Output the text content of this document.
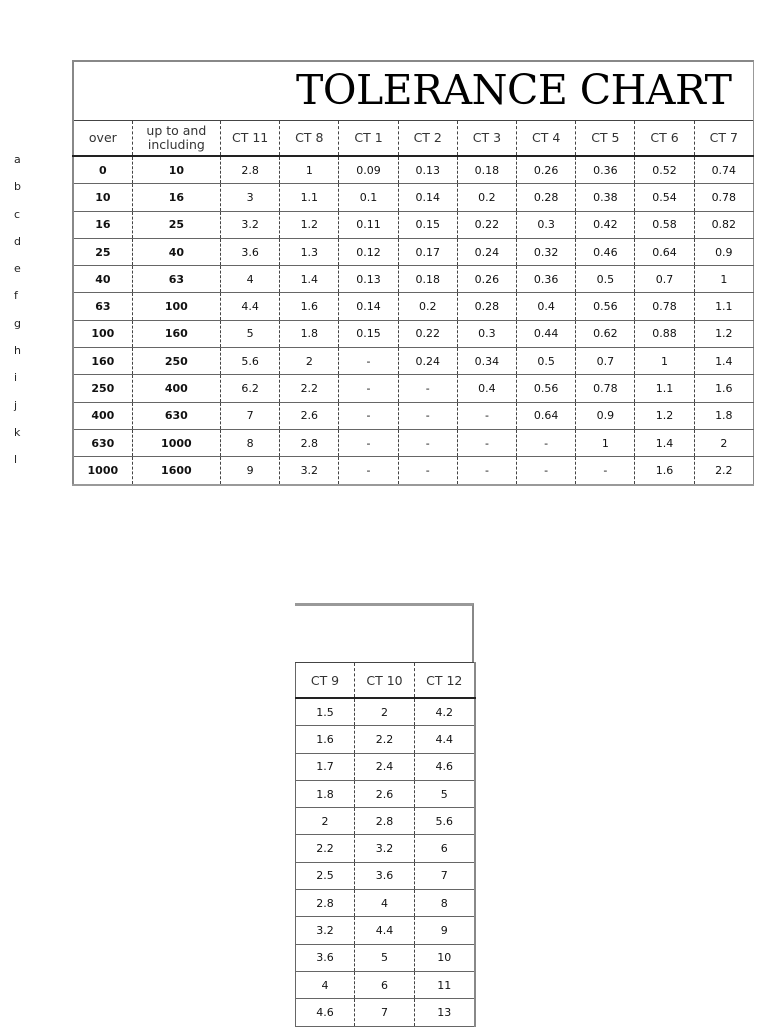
a
b
c
d
e
f
g
h
i
j
k
l
TOLERANCE CHART
over	up to and including	CT 11	CT 8	CT 1	CT 2	CT 3	CT 4	CT 5	CT 6	CT 7
0	10	2.8	1	0.09	0.13	0.18	0.26	0.36	0.52	0.74
10	16	3	1.1	0.1	0.14	0.2	0.28	0.38	0.54	0.78
16	25	3.2	1.2	0.11	0.15	0.22	0.3	0.42	0.58	0.82
25	40	3.6	1.3	0.12	0.17	0.24	0.32	0.46	0.64	0.9
40	63	4	1.4	0.13	0.18	0.26	0.36	0.5	0.7	1
63	100	4.4	1.6	0.14	0.2	0.28	0.4	0.56	0.78	1.1
100	160	5	1.8	0.15	0.22	0.3	0.44	0.62	0.88	1.2
160	250	5.6	2	-	0.24	0.34	0.5	0.7	1	1.4
250	400	6.2	2.2	-	-	0.4	0.56	0.78	1.1	1.6
400	630	7	2.6	-	-	-	0.64	0.9	1.2	1.8
630	1000	8	2.8	-	-	-	-	1	1.4	2
1000	1600	9	3.2	-	-	-	-	-	1.6	2.2
CT 9	CT 10	CT 12
1.5	2	4.2
1.6	2.2	4.4
1.7	2.4	4.6
1.8	2.6	5
2	2.8	5.6
2.2	3.2	6
2.5	3.6	7
2.8	4	8
3.2	4.4	9
3.6	5	10
4	6	11
4.6	7	13
